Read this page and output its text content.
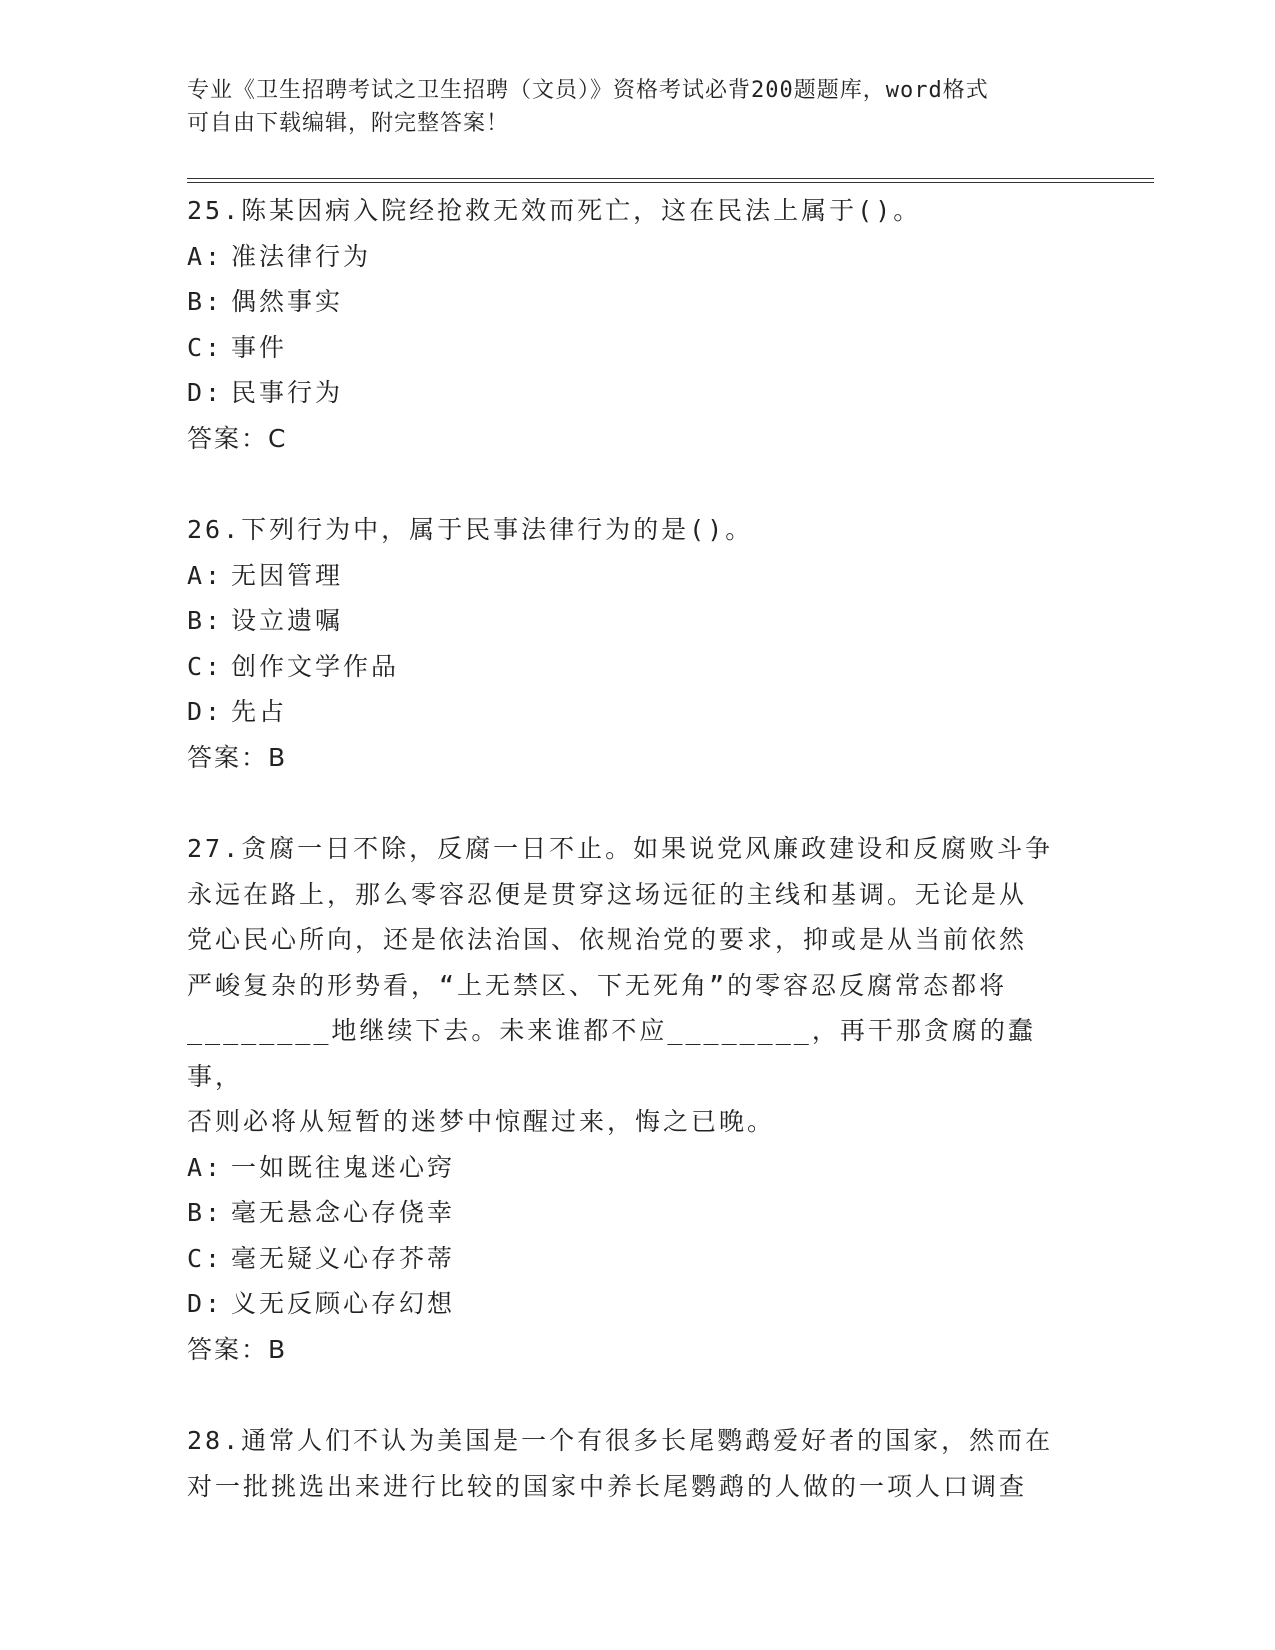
专业《卫生招聘考试之卫生招聘（文员）》资格考试必背200题题库，word格式
可自由下载编辑，附完整答案！

25.陈某因病入院经抢救无效而死亡，这在民法上属于()。

A: 准法律行为
B: 偶然事实
C: 事件
D: 民事行为

答案：C

26.下列行为中，属于民事法律行为的是()。

A: 无因管理
B: 设立遗嘱
C: 创作文学作品
D: 先占

答案：B

27.贪腐一日不除，反腐一日不止。如果说党风廉政建设和反腐败斗争

永远在路上，那么零容忍便是贯穿这场远征的主线和基调。无论是从

党心民心所向，还是依法治国、依规治党的要求，抑或是从当前依然

严峻复杂的形势看，“上无禁区、下无死角”的零容忍反腐常态都将

________地继续下去。未来谁都不应________，再干那贪腐的蠢事，

否则必将从短暂的迷梦中惊醒过来，悔之已晚。

A: 一如既往鬼迷心窍
B: 毫无悬念心存侥幸
C: 毫无疑义心存芥蒂
D: 义无反顾心存幻想

答案：B

28.通常人们不认为美国是一个有很多长尾鹦鹉爱好者的国家，然而在

对一批挑选出来进行比较的国家中养长尾鹦鹉的人做的一项人口调查
